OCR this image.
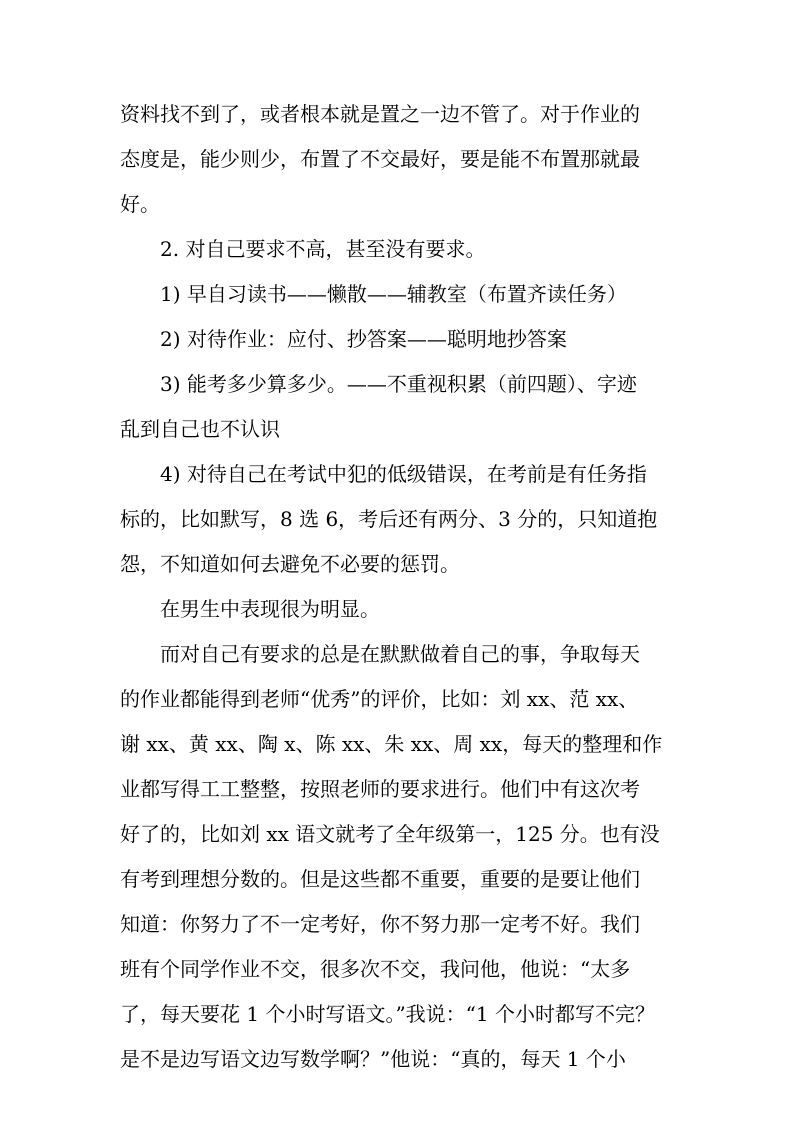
资料找不到了，或者根本就是置之一边不管了。对于作业的
态度是，能少则少，布置了不交最好，要是能不布置那就最
好。

2. 对自己要求不高，甚至没有要求。

1) 早自习读书——懒散——辅教室（布置齐读任务）

2) 对待作业：应付、抄答案——聪明地抄答案

3) 能考多少算多少。——不重视积累（前四题）、字迹
乱到自己也不认识

4) 对待自己在考试中犯的低级错误，在考前是有任务指
标的，比如默写，8 选 6，考后还有两分、3 分的，只知道抱
怨，不知道如何去避免不必要的惩罚。

在男生中表现很为明显。

而对自己有要求的总是在默默做着自己的事，争取每天
的作业都能得到老师“优秀”的评价，比如：刘 xx、范 xx、
谢 xx、黄 xx、陶 x、陈 xx、朱 xx、周 xx，每天的整理和作
业都写得工工整整，按照老师的要求进行。他们中有这次考
好了的，比如刘 xx 语文就考了全年级第一，125 分。也有没
有考到理想分数的。但是这些都不重要，重要的是要让他们
知道：你努力了不一定考好，你不努力那一定考不好。我们
班有个同学作业不交，很多次不交，我问他，他说：“太多
了，每天要花 1 个小时写语文。”我说：“1 个小时都写不完？
是不是边写语文边写数学啊？”他说：“真的，每天 1 个小
